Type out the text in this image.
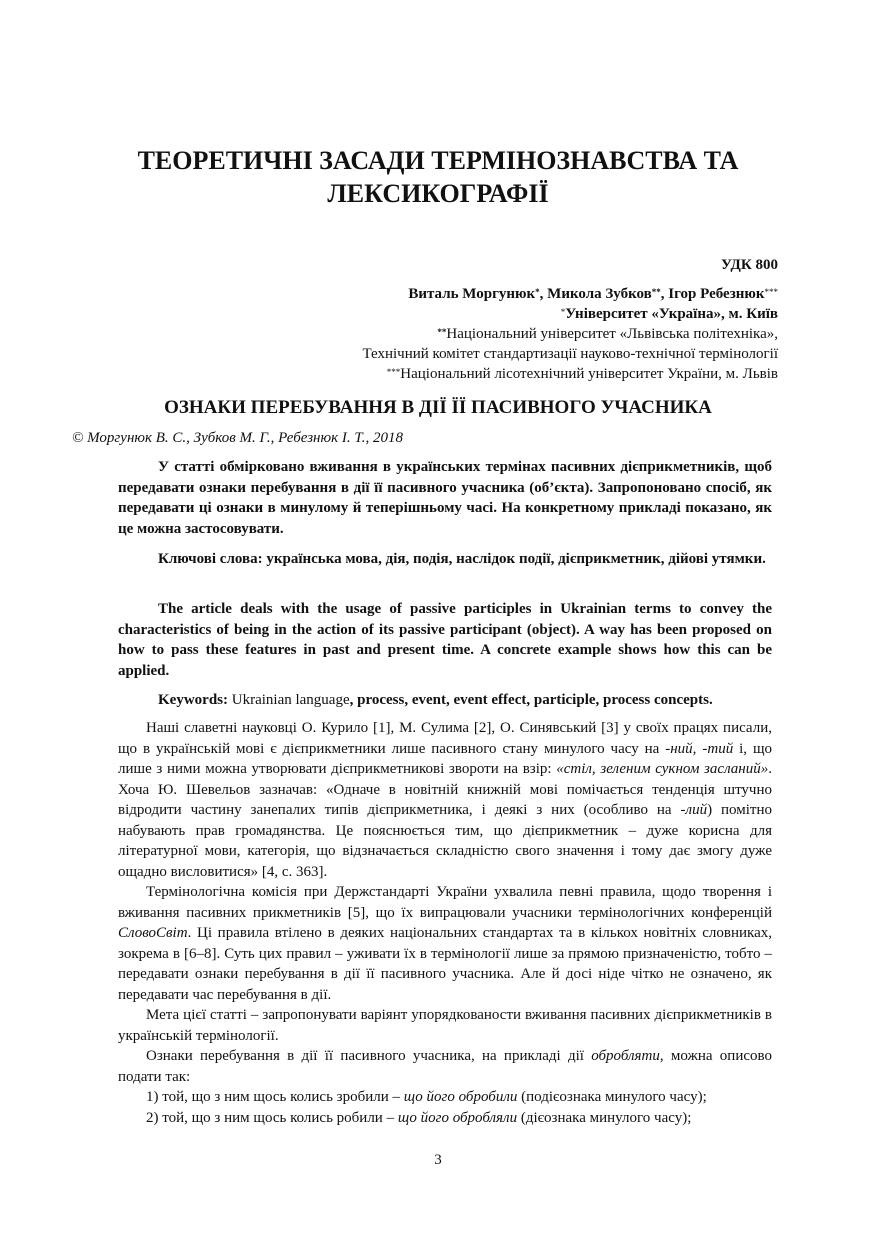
ТЕОРЕТИЧНІ ЗАСАДИ ТЕРМІНОЗНАВСТВА ТА
ЛЕКСИКОГРАФІЇ
УДК 800
Виталь Моргунюк*, Микола Зубков**, Ігор Ребезнюк***
*Університет «Україна», м. Київ
**Національний університет «Львівська політехніка»,
Технічний комітет стандартизації науково-технічної термінології
***Національний лісотехнічний університет України, м. Львів
ОЗНАКИ ПЕРЕБУВАННЯ В ДІЇ ЇЇ ПАСИВНОГО УЧАСНИКА
© Моргунюк В. С., Зубков М. Г., Ребезнюк І. Т., 2018
У статті обмірковано вживання в українських термінах пасивних дієприкметників, щоб передавати ознаки перебування в дії її пасивного учасника (об’єкта). Запропоновано спосіб, як передавати ці ознаки в минулому й теперішньому часі. На конкретному прикладі показано, як це можна застосовувати.
Ключові слова: українська мова, дія, подія, наслідок події, дієприкметник, дійові утямки.
The article deals with the usage of passive participles in Ukrainian terms to convey the characteristics of being in the action of its passive participant (object). A way has been proposed on how to pass these features in past and present time. A concrete example shows how this can be applied.
Keywords: Ukrainian language, process, event, event effect, participle, process concepts.
Наші славетні науковці О. Курило [1], М. Сулима [2], О. Синявський [3] у своїх працях писали, що в українській мові є дієприкметники лише пасивного стану минулого часу на -ний, -тий і, що лише з ними можна утворювати дієприкметникові звороти на взір: «стіл, зеленим сукном засланий». Хоча Ю. Шевельов зазначав: «Одначе в новітній книжній мові помічається тенденція штучно відродити частину занепалих типів дієприкметника, і деякі з них (особливо на -лий) помітно набувають прав громадянства. Це пояснюється тим, що дієприкметник – дуже корисна для літературної мови, категорія, що відзначається складністю свого значення і тому дає змогу дуже ощадно висловитися» [4, с. 363].
Термінологічна комісія при Держстандарті України ухвалила певні правила, щодо творення і вживання пасивних прикметників [5], що їх випрацювали учасники термінологічних конференцій СловоСвіт. Ці правила втілено в деяких національних стандартах та в кількох новітніх словниках, зокрема в [6–8]. Суть цих правил – уживати їх в термінології лише за прямою призначеністю, тобто – передавати ознаки перебування в дії її пасивного учасника. Але й досі ніде чітко не означено, як передавати час перебування в дії.
Мета цієї статті – запропонувати варіянт упорядкованости вживання пасивних дієприкметників в українській термінології.
Ознаки перебування в дії її пасивного учасника, на прикладі дії обробляти, можна описово подати так:
1) той, що з ним щось колись зробили – що його обробили (подієознака минулого часу);
2) той, що з ним щось колись робили – що його обробляли (дієознака минулого часу);
3
